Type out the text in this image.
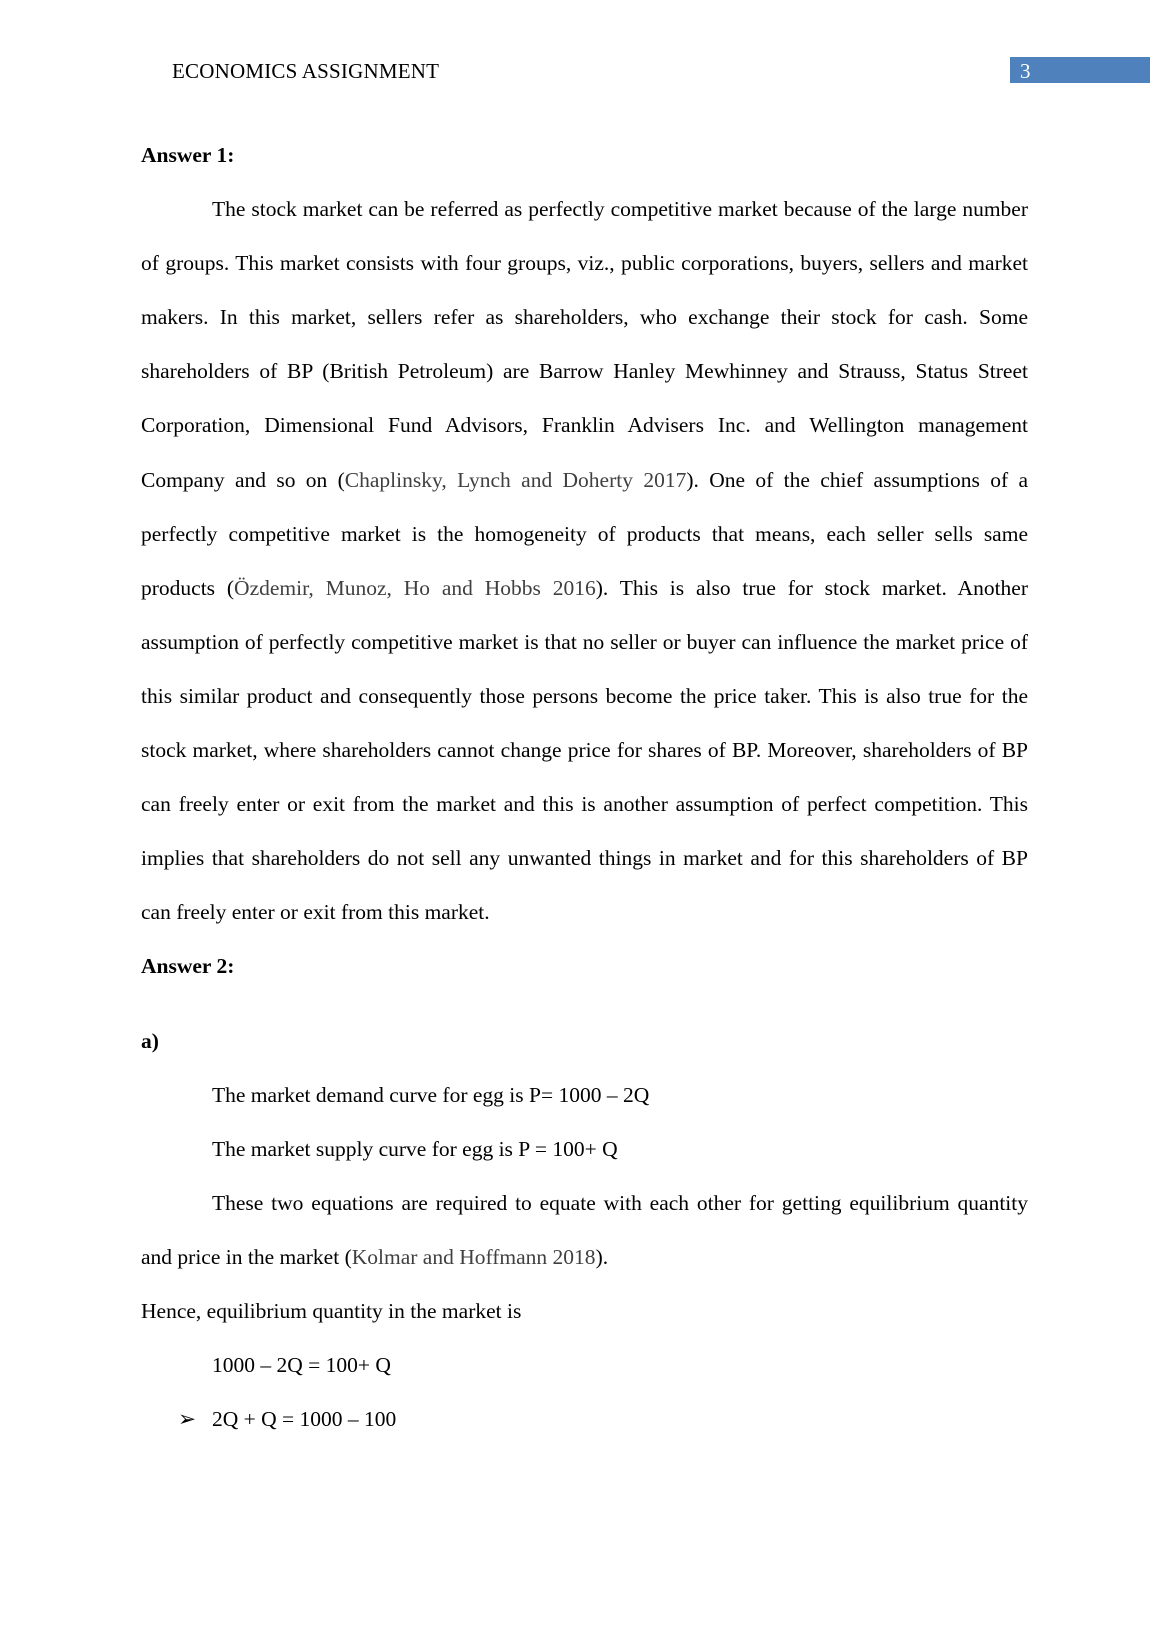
ECONOMICS ASSIGNMENT	3

Answer 1:

The stock market can be referred as perfectly competitive market because of the large number of groups. This market consists with four groups, viz., public corporations, buyers, sellers and market makers. In this market, sellers refer as shareholders, who exchange their stock for cash. Some shareholders of BP (British Petroleum) are Barrow Hanley Mewhinney and Strauss, Status Street Corporation, Dimensional Fund Advisors, Franklin Advisers Inc. and Wellington management Company and so on (Chaplinsky, Lynch and Doherty 2017). One of the chief assumptions of a perfectly competitive market is the homogeneity of products that means, each seller sells same products (Özdemir, Munoz, Ho and Hobbs 2016). This is also true for stock market. Another assumption of perfectly competitive market is that no seller or buyer can influence the market price of this similar product and consequently those persons become the price taker. This is also true for the stock market, where shareholders cannot change price for shares of BP. Moreover, shareholders of BP can freely enter or exit from the market and this is another assumption of perfect competition. This implies that shareholders do not sell any unwanted things in market and for this shareholders of BP can freely enter or exit from this market.

Answer 2:

a)

The market demand curve for egg is P= 1000 – 2Q

The market supply curve for egg is P = 100+ Q

These two equations are required to equate with each other for getting equilibrium quantity and price in the market (Kolmar and Hoffmann 2018).

Hence, equilibrium quantity in the market is

1000 – 2Q = 100+ Q

➢ 2Q + Q = 1000 – 100
